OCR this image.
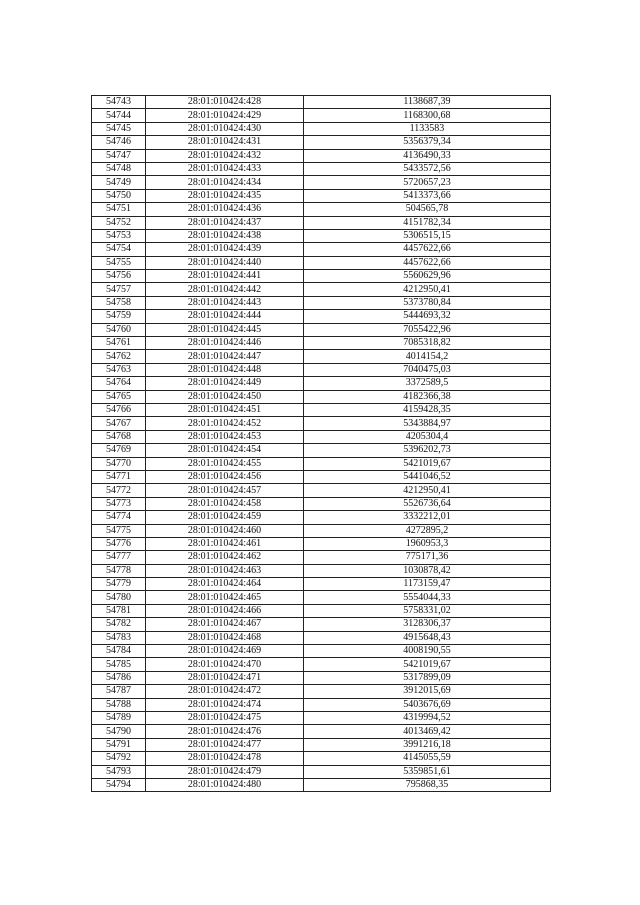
54743	28:01:010424:428	1138687,39
54744	28:01:010424:429	1168300,68
54745	28:01:010424:430	1133583
54746	28:01:010424:431	5356379,34
54747	28:01:010424:432	4136490,33
54748	28:01:010424:433	5433572,56
54749	28:01:010424:434	5720657,23
54750	28:01:010424:435	5413373,66
54751	28:01:010424:436	504565,78
54752	28:01:010424:437	4151782,34
54753	28:01:010424:438	5306515,15
54754	28:01:010424:439	4457622,66
54755	28:01:010424:440	4457622,66
54756	28:01:010424:441	5560629,96
54757	28:01:010424:442	4212950,41
54758	28:01:010424:443	5373780,84
54759	28:01:010424:444	5444693,32
54760	28:01:010424:445	7055422,96
54761	28:01:010424:446	7085318,82
54762	28:01:010424:447	4014154,2
54763	28:01:010424:448	7040475,03
54764	28:01:010424:449	3372589,5
54765	28:01:010424:450	4182366,38
54766	28:01:010424:451	4159428,35
54767	28:01:010424:452	5343884,97
54768	28:01:010424:453	4205304,4
54769	28:01:010424:454	5396202,73
54770	28:01:010424:455	5421019,67
54771	28:01:010424:456	5441046,52
54772	28:01:010424:457	4212950,41
54773	28:01:010424:458	5526736,64
54774	28:01:010424:459	3332212,01
54775	28:01:010424:460	4272895,2
54776	28:01:010424:461	1960953,3
54777	28:01:010424:462	775171,36
54778	28:01:010424:463	1030878,42
54779	28:01:010424:464	1173159,47
54780	28:01:010424:465	5554044,33
54781	28:01:010424:466	5758331,02
54782	28:01:010424:467	3128306,37
54783	28:01:010424:468	4915648,43
54784	28:01:010424:469	4008190,55
54785	28:01:010424:470	5421019,67
54786	28:01:010424:471	5317899,09
54787	28:01:010424:472	3912015,69
54788	28:01:010424:474	5403676,69
54789	28:01:010424:475	4319994,52
54790	28:01:010424:476	4013469,42
54791	28:01:010424:477	3991216,18
54792	28:01:010424:478	4145055,59
54793	28:01:010424:479	5359851,61
54794	28:01:010424:480	795868,35
